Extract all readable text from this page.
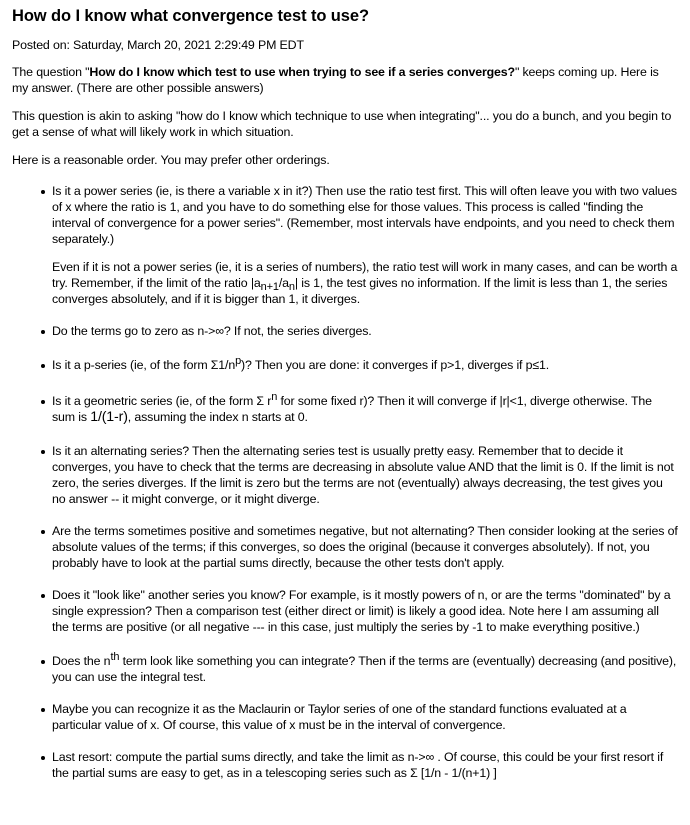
How do I know what convergence test to use?

Posted on: Saturday, March 20, 2021 2:29:49 PM EDT

The question "How do I know which test to use when trying to see if a series converges?" keeps coming up. Here is my answer. (There are other possible answers)

This question is akin to asking "how do I know which technique to use when integrating"... you do a bunch, and you begin to get a sense of what will likely work in which situation.

Here is a reasonable order. You may prefer other orderings.

Is it a power series (ie, is there a variable x in it?) Then use the ratio test first. This will often leave you with two values of x where the ratio is 1, and you have to do something else for those values. This process is called "finding the interval of convergence for a power series". (Remember, most intervals have endpoints, and you need to check them separately.)
Even if it is not a power series (ie, it is a series of numbers), the ratio test will work in many cases, and can be worth a try. Remember, if the limit of the ratio $|a_{n+1}/a_n|$ is 1, the test gives no information. If the limit is less than 1, the series converges absolutely, and if it is bigger than 1, it diverges.
Do the terms go to zero as n->∞? If not, the series diverges.
Is it a p-series (ie, of the form $\Sigma 1/n^p$)? Then you are done: it converges if p>1, diverges if p≤1.
Is it a geometric series (ie, of the form Σ $r^n$ for some fixed r)? Then it will converge if |r|<1, diverge otherwise. The sum is 1/(1-r), assuming the index n starts at 0.
Is it an alternating series? Then the alternating series test is usually pretty easy. Remember that to decide it converges, you have to check that the terms are decreasing in absolute value AND that the limit is 0. If the limit is not zero, the series diverges. If the limit is zero but the terms are not (eventually) always decreasing, the test gives you no answer -- it might converge, or it might diverge.
Are the terms sometimes positive and sometimes negative, but not alternating? Then consider looking at the series of absolute values of the terms; if this converges, so does the original (because it converges absolutely). If not, you probably have to look at the partial sums directly, because the other tests don't apply.
Does it "look like" another series you know? For example, is it mostly powers of n, or are the terms "dominated" by a single expression? Then a comparison test (either direct or limit) is likely a good idea. Note here I am assuming all the terms are positive (or all negative --- in this case, just multiply the series by -1 to make everything positive.)
Does the $n^{th}$ term look like something you can integrate? Then if the terms are (eventually) decreasing (and positive), you can use the integral test.
Maybe you can recognize it as the Maclaurin or Taylor series of one of the standard functions evaluated at a particular value of x. Of course, this value of x must be in the interval of convergence.
Last resort: compute the partial sums directly, and take the limit as n->∞ . Of course, this could be your first resort if the partial sums are easy to get, as in a telescoping series such as Σ [1/n - 1/(n+1) ]
